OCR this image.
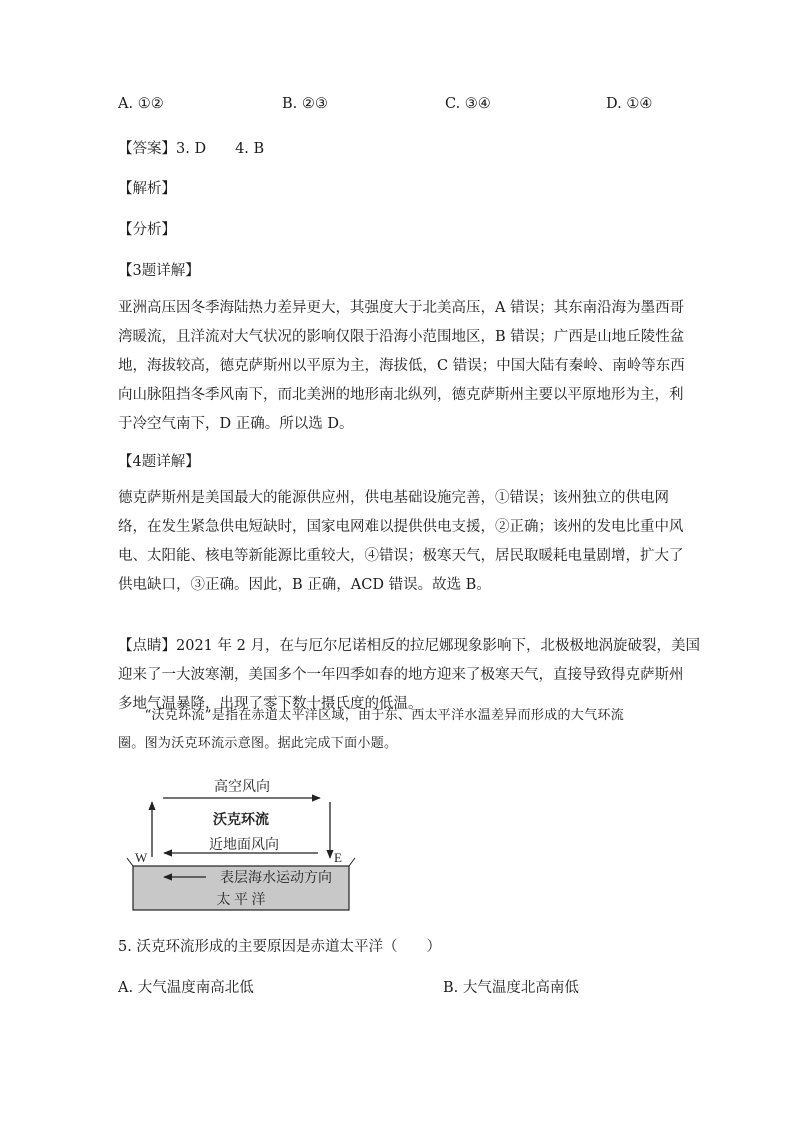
A. ①②	B. ②③	C. ③④	D. ①④
【答案】3. D　　4. B
【解析】
【分析】
【3题详解】
亚洲高压因冬季海陆热力差异更大，其强度大于北美高压，A 错误；其东南沿海为墨西哥
湾暖流，且洋流对大气状况的影响仅限于沿海小范围地区，B 错误；广西是山地丘陵性盆
地，海拔较高，德克萨斯州以平原为主，海拔低，C 错误；中国大陆有秦岭、南岭等东西
向山脉阻挡冬季风南下，而北美洲的地形南北纵列，德克萨斯州主要以平原地形为主，利
于冷空气南下，D 正确。所以选 D。
【4题详解】
德克萨斯州是美国最大的能源供应州，供电基础设施完善，①错误；该州独立的供电网
络，在发生紧急供电短缺时，国家电网难以提供供电支援，②正确；该州的发电比重中风
电、太阳能、核电等新能源比重较大，④错误；极寒天气，居民取暖耗电量剧增，扩大了
供电缺口，③正确。因此，B 正确，ACD 错误。故选 B。
【点睛】2021 年 2 月，在与厄尔尼诺相反的拉尼娜现象影响下，北极极地涡旋破裂，美国
迎来了一大波寒潮，美国多个一年四季如春的地方迎来了极寒天气，直接导致得克萨斯州
多地气温暴降，出现了零下数十摄氏度的低温。
　　“沃克环流”是指在赤道太平洋区域，由于东、西太平洋水温差异而形成的大气环流
圈。图为沃克环流示意图。据此完成下面小题。
高空风向
沃克环流
近地面风向
W	E
表层海水运动方向
太 平 洋
5. 沃克环流形成的主要原因是赤道太平洋（　　）
A. 大气温度南高北低	B. 大气温度北高南低
